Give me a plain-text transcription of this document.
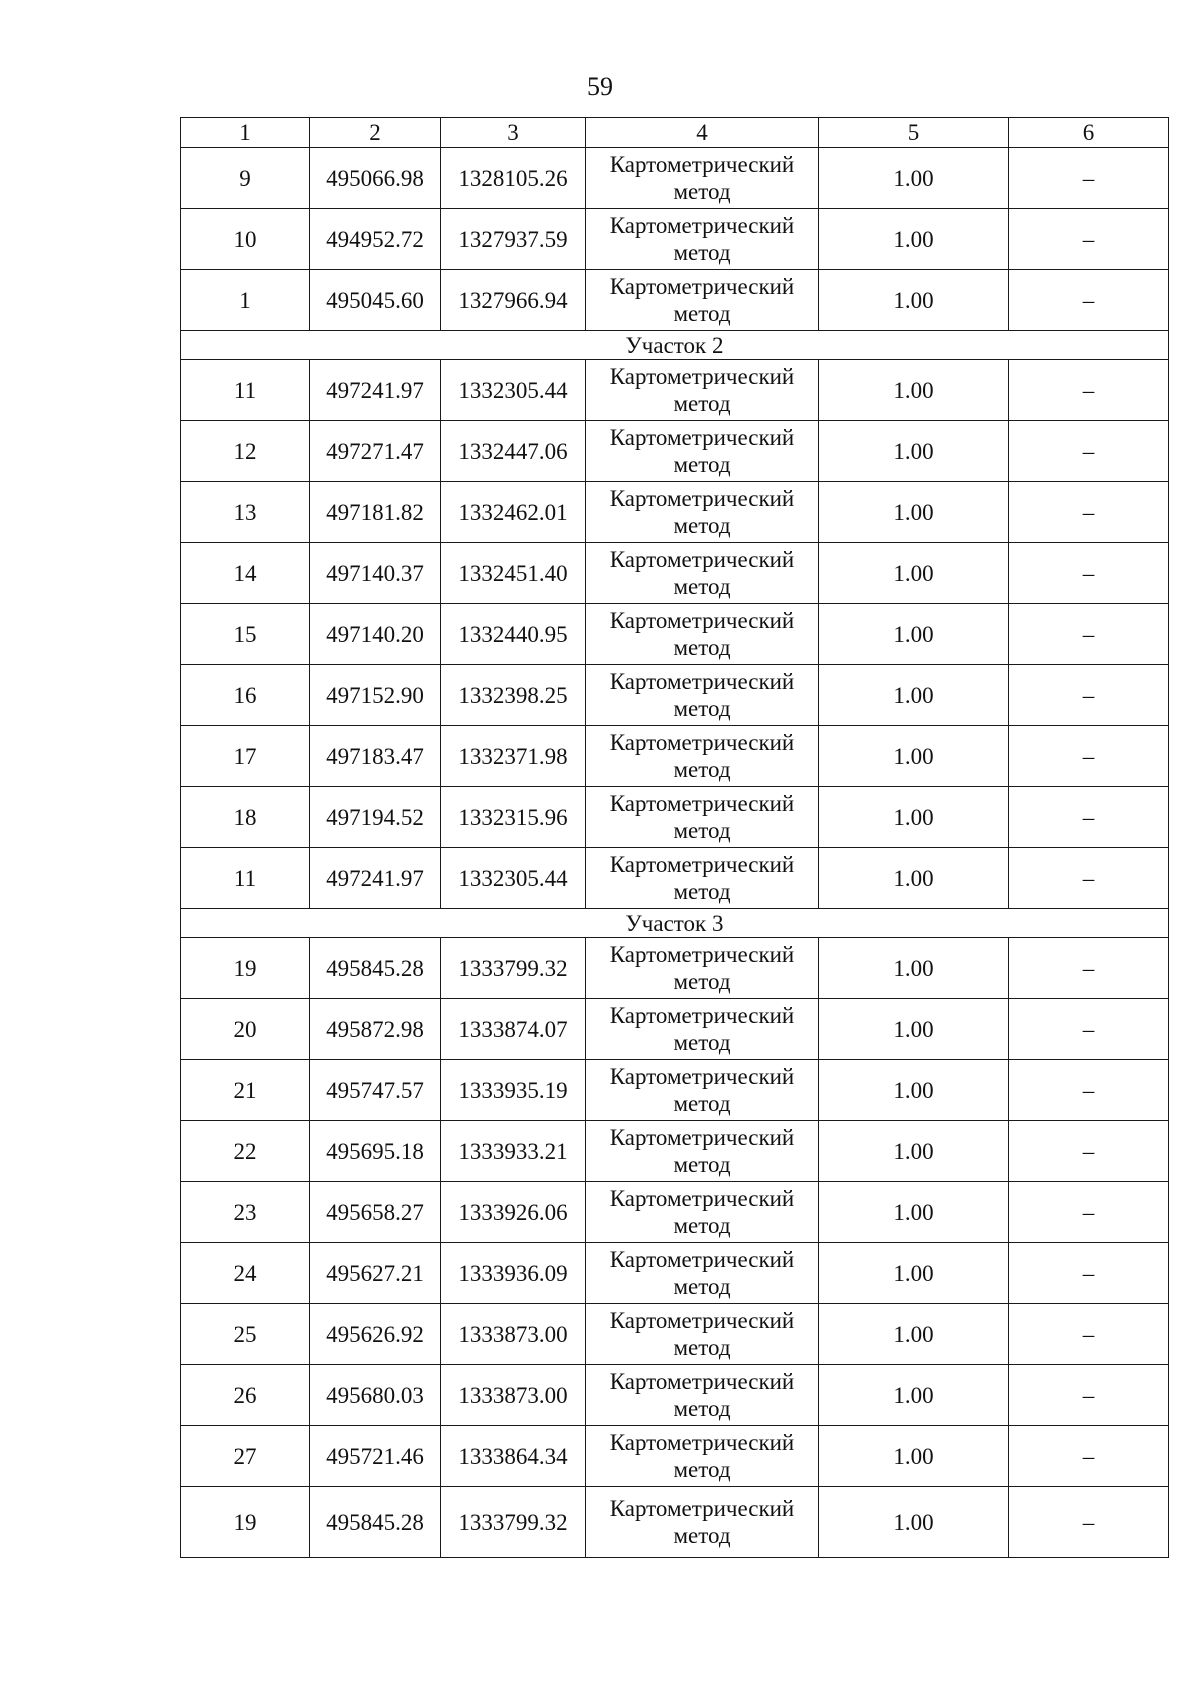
59
1	2	3	4	5	6
9	495066.98	1328105.26	Картометрический метод	1.00	–
10	494952.72	1327937.59	Картометрический метод	1.00	–
1	495045.60	1327966.94	Картометрический метод	1.00	–
Участок 2					
11	497241.97	1332305.44	Картометрический метод	1.00	–
12	497271.47	1332447.06	Картометрический метод	1.00	–
13	497181.82	1332462.01	Картометрический метод	1.00	–
14	497140.37	1332451.40	Картометрический метод	1.00	–
15	497140.20	1332440.95	Картометрический метод	1.00	–
16	497152.90	1332398.25	Картометрический метод	1.00	–
17	497183.47	1332371.98	Картометрический метод	1.00	–
18	497194.52	1332315.96	Картометрический метод	1.00	–
11	497241.97	1332305.44	Картометрический метод	1.00	–
Участок 3					
19	495845.28	1333799.32	Картометрический метод	1.00	–
20	495872.98	1333874.07	Картометрический метод	1.00	–
21	495747.57	1333935.19	Картометрический метод	1.00	–
22	495695.18	1333933.21	Картометрический метод	1.00	–
23	495658.27	1333926.06	Картометрический метод	1.00	–
24	495627.21	1333936.09	Картометрический метод	1.00	–
25	495626.92	1333873.00	Картометрический метод	1.00	–
26	495680.03	1333873.00	Картометрический метод	1.00	–
27	495721.46	1333864.34	Картометрический метод	1.00	–
19	495845.28	1333799.32	Картометрический метод	1.00	–
